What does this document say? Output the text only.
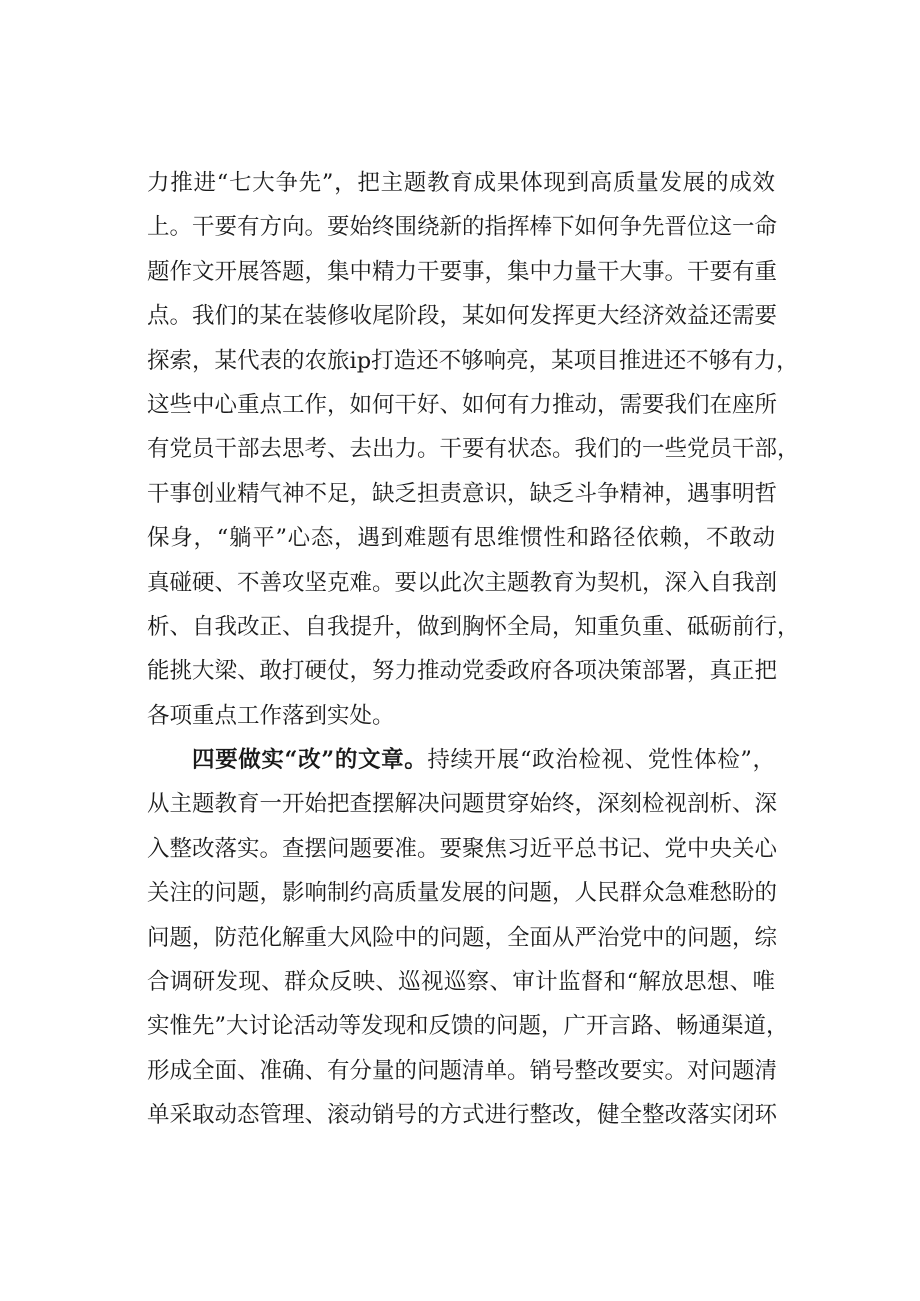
力推进“七大争先”，把主题教育成果体现到高质量发展的成效
上。干要有方向。要始终围绕新的指挥棒下如何争先晋位这一命
题作文开展答题，集中精力干要事，集中力量干大事。干要有重
点。我们的某在装修收尾阶段，某如何发挥更大经济效益还需要
探索，某代表的农旅ip打造还不够响亮，某项目推进还不够有力，
这些中心重点工作，如何干好、如何有力推动，需要我们在座所
有党员干部去思考、去出力。干要有状态。我们的一些党员干部，
干事创业精气神不足，缺乏担责意识，缺乏斗争精神，遇事明哲
保身，“躺平”心态，遇到难题有思维惯性和路径依赖，不敢动
真碰硬、不善攻坚克难。要以此次主题教育为契机，深入自我剖
析、自我改正、自我提升，做到胸怀全局，知重负重、砥砺前行，
能挑大梁、敢打硬仗，努力推动党委政府各项决策部署，真正把
各项重点工作落到实处。
四要做实“改”的文章。持续开展“政治检视、党性体检”，
从主题教育一开始把查摆解决问题贯穿始终，深刻检视剖析、深
入整改落实。查摆问题要准。要聚焦习近平总书记、党中央关心
关注的问题，影响制约高质量发展的问题，人民群众急难愁盼的
问题，防范化解重大风险中的问题，全面从严治党中的问题，综
合调研发现、群众反映、巡视巡察、审计监督和“解放思想、唯
实惟先”大讨论活动等发现和反馈的问题，广开言路、畅通渠道，
形成全面、准确、有分量的问题清单。销号整改要实。对问题清
单采取动态管理、滚动销号的方式进行整改，健全整改落实闭环
